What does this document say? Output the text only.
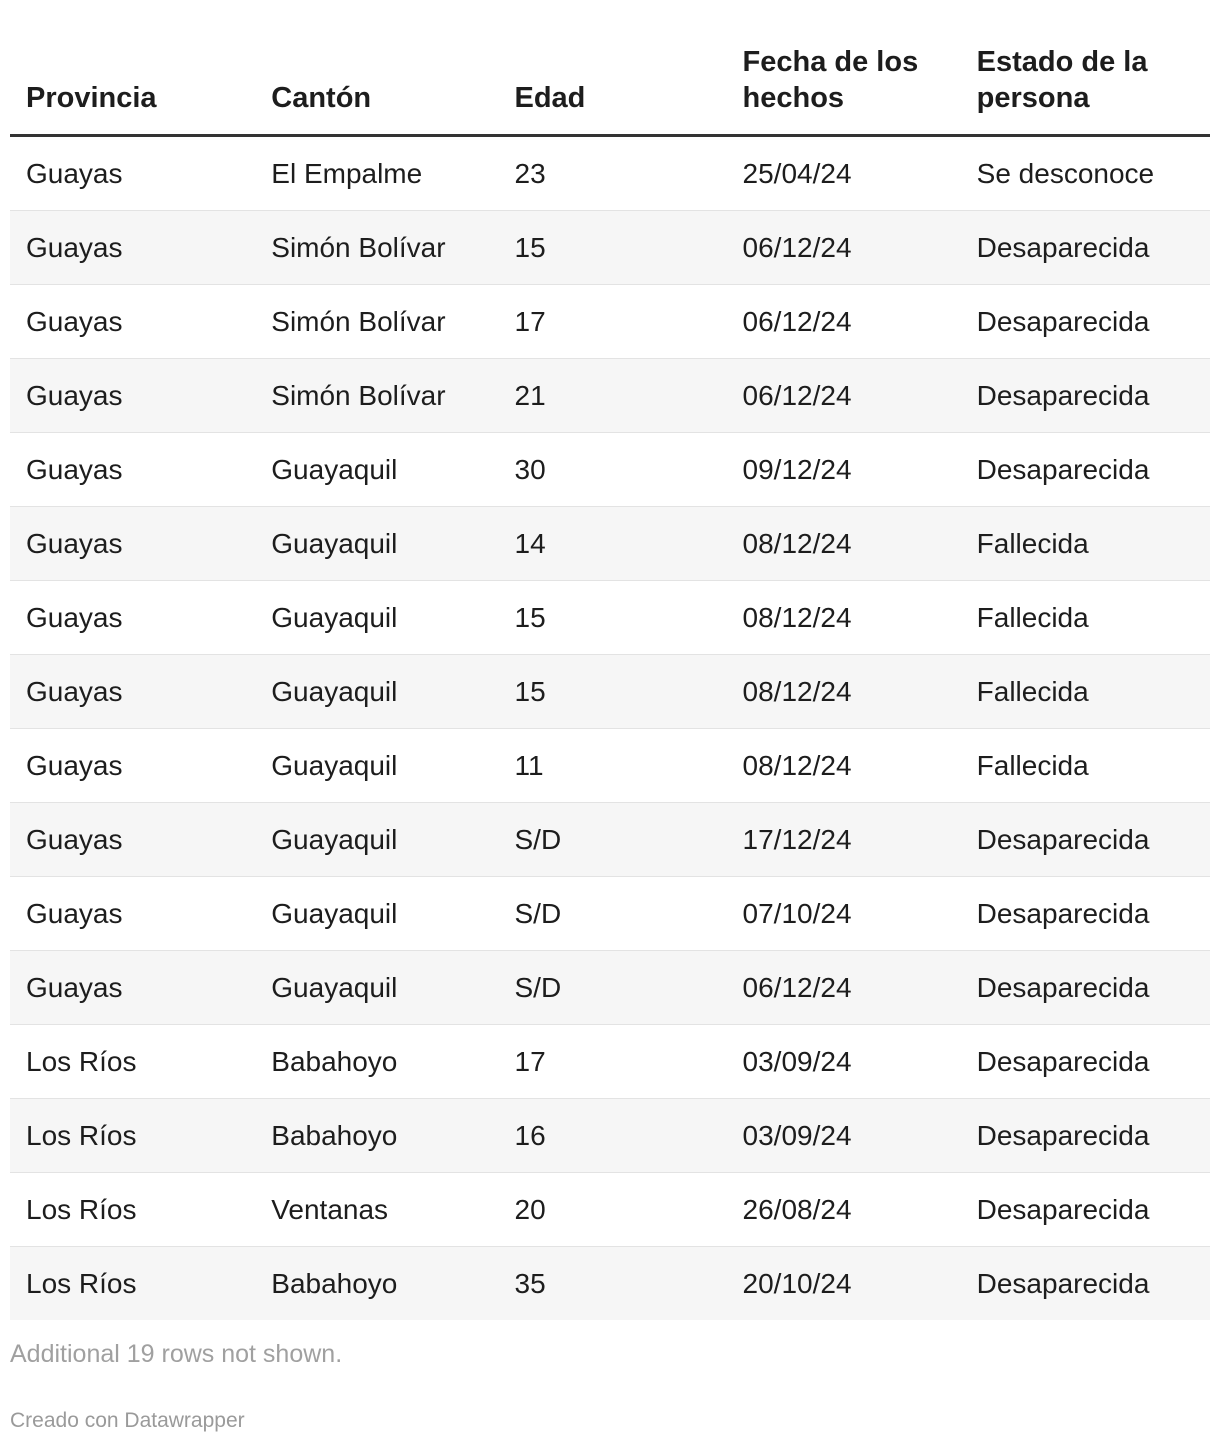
Provincia	Cantón	Edad	Fecha de los hechos	Estado de la persona
Guayas	El Empalme	23	25/04/24	Se desconoce
Guayas	Simón Bolívar	15	06/12/24	Desaparecida
Guayas	Simón Bolívar	17	06/12/24	Desaparecida
Guayas	Simón Bolívar	21	06/12/24	Desaparecida
Guayas	Guayaquil	30	09/12/24	Desaparecida
Guayas	Guayaquil	14	08/12/24	Fallecida
Guayas	Guayaquil	15	08/12/24	Fallecida
Guayas	Guayaquil	15	08/12/24	Fallecida
Guayas	Guayaquil	11	08/12/24	Fallecida
Guayas	Guayaquil	S/D	17/12/24	Desaparecida
Guayas	Guayaquil	S/D	07/10/24	Desaparecida
Guayas	Guayaquil	S/D	06/12/24	Desaparecida
Los Ríos	Babahoyo	17	03/09/24	Desaparecida
Los Ríos	Babahoyo	16	03/09/24	Desaparecida
Los Ríos	Ventanas	20	26/08/24	Desaparecida
Los Ríos	Babahoyo	35	20/10/24	Desaparecida
Additional 19 rows not shown.
Creado con Datawrapper
